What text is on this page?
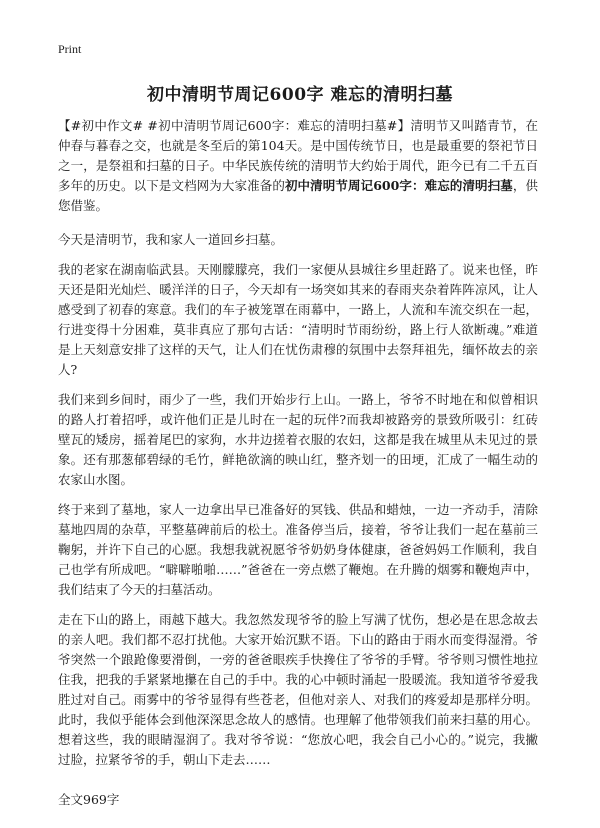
Print
初中清明节周记600字 难忘的清明扫墓

【#初中作文# #初中清明节周记600字：难忘的清明扫墓#】清明节又叫踏青节，在仲春与暮春之交，也就是冬至后的第104天。是中国传统节日，也是最重要的祭祀节日之一，是祭祖和扫墓的日子。中华民族传统的清明节大约始于周代，距今已有二千五百多年的历史。以下是文档网为大家准备的初中清明节周记600字：难忘的清明扫墓，供您借鉴。

今天是清明节，我和家人一道回乡扫墓。

我的老家在湖南临武县。天刚朦朦亮，我们一家便从县城往乡里赶路了。说来也怪，昨天还是阳光灿烂、暖洋洋的日子，今天却有一场突如其来的春雨夹杂着阵阵凉风，让人感受到了初春的寒意。我们的车子被笼罩在雨幕中，一路上，人流和车流交织在一起，行进变得十分困难，莫非真应了那句古话：“清明时节雨纷纷，路上行人欲断魂。”难道是上天刻意安排了这样的天气，让人们在忧伤肃穆的氛围中去祭拜祖先，缅怀故去的亲人?

我们来到乡间时，雨少了一些，我们开始步行上山。一路上，爷爷不时地在和似曾相识的路人打着招呼，或许他们正是儿时在一起的玩伴?而我却被路旁的景致所吸引：红砖壁瓦的矮房，摇着尾巴的家狗，水井边搓着衣服的农妇，这都是我在城里从未见过的景象。还有那葱郁碧绿的毛竹，鲜艳欲滴的映山红，整齐划一的田埂，汇成了一幅生动的农家山水图。

终于来到了墓地，家人一边拿出早已准备好的冥钱、供品和蜡烛，一边一齐动手，清除墓地四周的杂草，平整墓碑前后的松土。准备停当后，接着，爷爷让我们一起在墓前三鞠躬，并许下自己的心愿。我想我就祝愿爷爷奶奶身体健康，爸爸妈妈工作顺利，我自己也学有所成吧。“噼噼啪啪……”爸爸在一旁点燃了鞭炮。在升腾的烟雾和鞭炮声中，我们结束了今天的扫墓活动。

走在下山的路上，雨越下越大。我忽然发现爷爷的脸上写满了忧伤，想必是在思念故去的亲人吧。我们都不忍打扰他。大家开始沉默不语。下山的路由于雨水而变得湿滑。爷爷突然一个踉跄像要滑倒，一旁的爸爸眼疾手快搀住了爷爷的手臂。爷爷则习惯性地拉住我，把我的手紧紧地攥在自己的手中。我的心中顿时涌起一股暖流。我知道爷爷爱我胜过对自己。雨雾中的爷爷显得有些苍老，但他对亲人、对我们的疼爱却是那样分明。此时，我似乎能体会到他深深思念故人的感情。也理解了他带领我们前来扫墓的用心。想着这些，我的眼睛湿润了。我对爷爷说：“您放心吧，我会自己小心的。”说完，我撇过脸，拉紧爷爷的手，朝山下走去……

全文969字
